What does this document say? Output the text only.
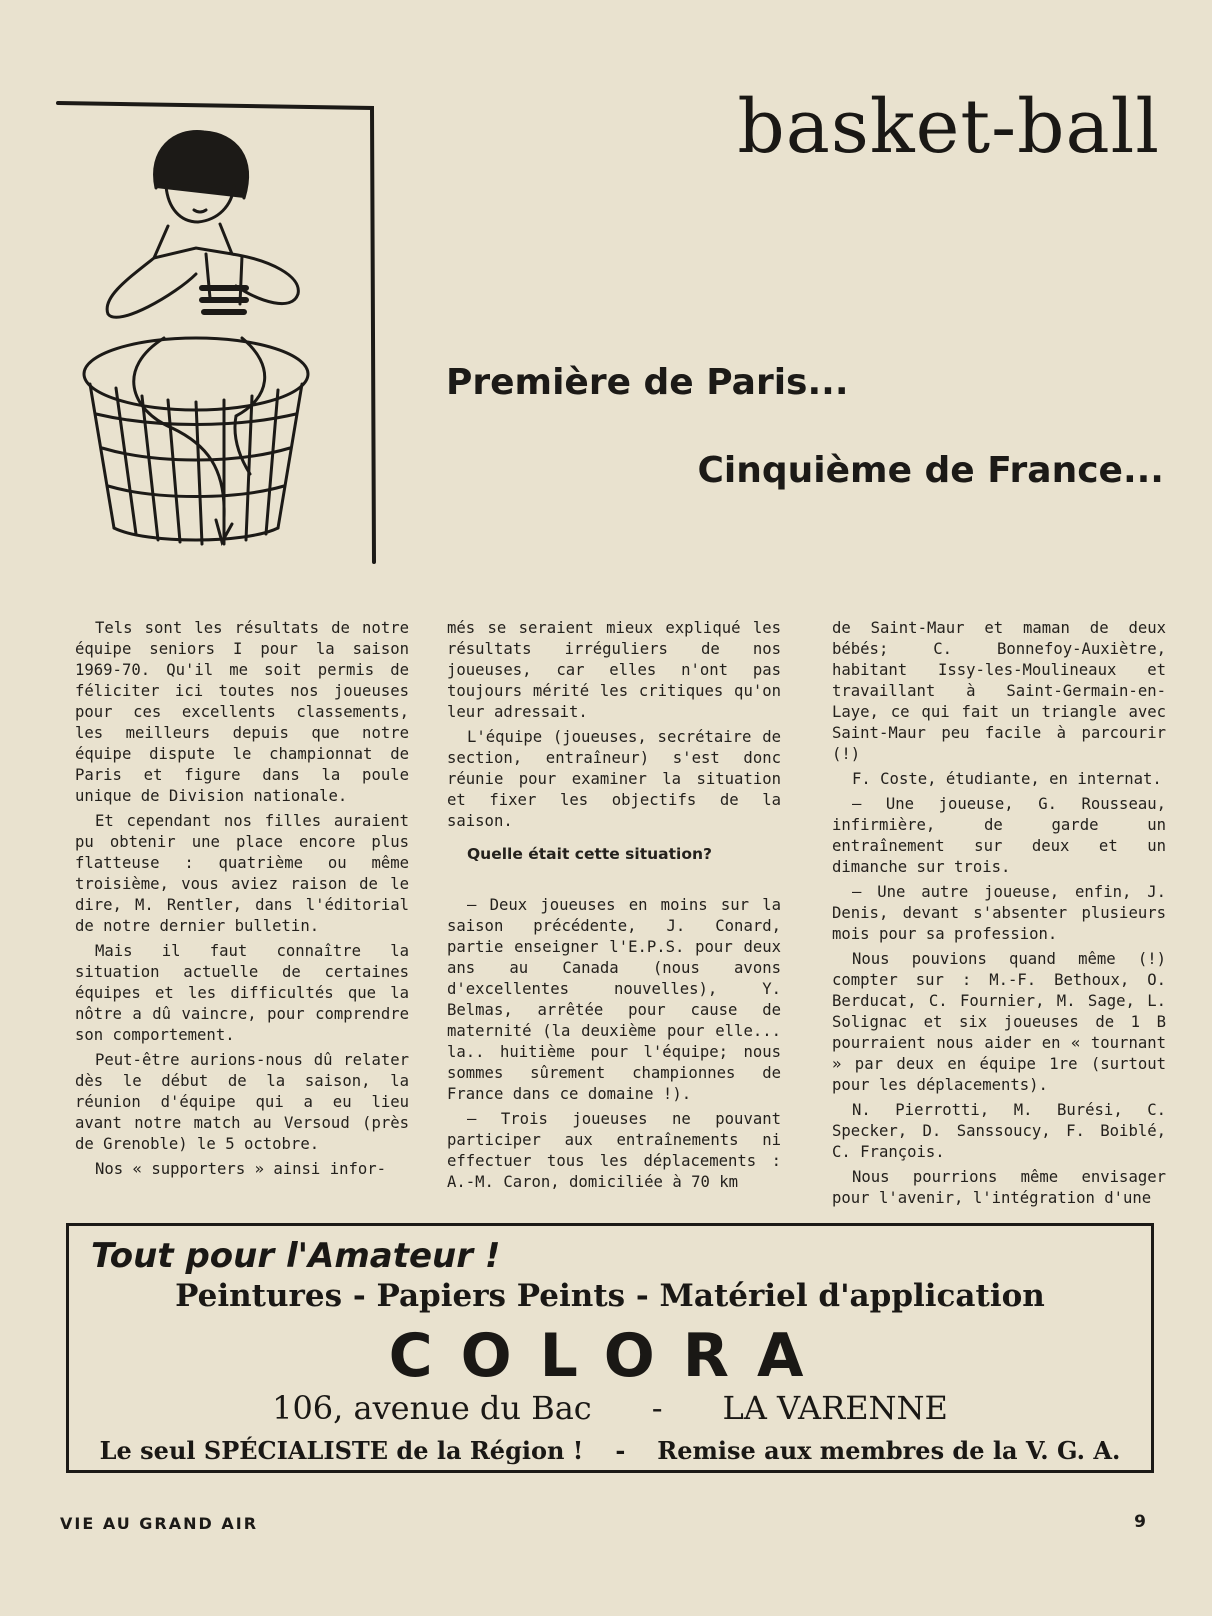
basket-ball
Première de Paris...
Cinquième de France...

Tels sont les résultats de notre équipe seniors I pour la saison 1969-70. Qu'il me soit permis de féliciter ici toutes nos joueuses pour ces excellents classements, les meilleurs depuis que notre équipe dispute le championnat de Paris et figure dans la poule unique de Division nationale.

Et cependant nos filles auraient pu obtenir une place encore plus flatteuse : quatrième ou même troisième, vous aviez raison de le dire, M. Rentler, dans l'éditorial de notre dernier bulletin.

Mais il faut connaître la situation actuelle de certaines équipes et les difficultés que la nôtre a dû vaincre, pour comprendre son comportement.

Peut-être aurions-nous dû relater dès le début de la saison, la réunion d'équipe qui a eu lieu avant notre match au Versoud (près de Grenoble) le 5 octobre.

Nos « supporters » ainsi infor-

més se seraient mieux expliqué les résultats irréguliers de nos joueuses, car elles n'ont pas toujours mérité les critiques qu'on leur adressait.

L'équipe (joueuses, secrétaire de section, entraîneur) s'est donc réunie pour examiner la situation et fixer les objectifs de la saison.

Quelle était cette situation?

— Deux joueuses en moins sur la saison précédente, J. Conard, partie enseigner l'E.P.S. pour deux ans au Canada (nous avons d'excellentes nouvelles), Y. Belmas, arrêtée pour cause de maternité (la deuxième pour elle... la.. huitième pour l'équipe; nous sommes sûrement championnes de France dans ce domaine !).

— Trois joueuses ne pouvant participer aux entraînements ni effectuer tous les déplacements : A.-M. Caron, domiciliée à 70 km

de Saint-Maur et maman de deux bébés; C. Bonnefoy-Auxiètre, habitant Issy-les-Moulineaux et travaillant à Saint-Germain-en-Laye, ce qui fait un triangle avec Saint-Maur peu facile à parcourir (!)

F. Coste, étudiante, en internat.

— Une joueuse, G. Rousseau, infirmière, de garde un entraînement sur deux et un dimanche sur trois.

— Une autre joueuse, enfin, J. Denis, devant s'absenter plusieurs mois pour sa profession.

Nous pouvions quand même (!) compter sur : M.-F. Bethoux, O. Berducat, C. Fournier, M. Sage, L. Solignac et six joueuses de 1 B pourraient nous aider en « tournant » par deux en équipe 1re (surtout pour les déplacements).

N. Pierrotti, M. Burési, C. Specker, D. Sanssoucy, F. Boiblé, C. François.

Nous pourrions même envisager pour l'avenir, l'intégration d'une

Tout pour l'Amateur !
Peintures - Papiers Peints - Matériel d'application
COLORA
106, avenue du Bac - LA VARENNE
Le seul SPÉCIALISTE de la Région ! - Remise aux membres de la V. G. A.
VIE AU GRAND AIR	9
